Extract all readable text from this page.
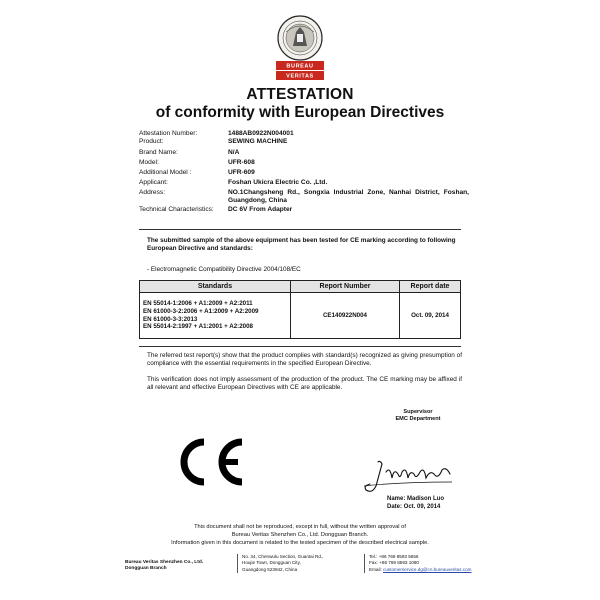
BUREAU
VERITAS
ATTESTATION
of conformity with European Directives
Attestation Number:	1488AB0922N004001
Product:	SEWING MACHINE
Brand Name:	N/A
Model:	UFR-608
Additional Model :	UFR-609
Applicant:	Foshan Ukicra Electric Co. ,Ltd.
Address:	NO.1Changsheng Rd., Songxia Industrial Zone, Nanhai District, Foshan, Guangdong, China
Technical Characteristics:	DC 6V From Adapter
The submitted sample of the above equipment has been tested for CE marking according to following European Directive and standards:
- Electromagnetic Compatibility Directive 2004/108/EC
Standards	Report Number	Report date

EN 55014-1:2006 + A1:2009 + A2:2011
EN 61000-3-2:2006 + A1:2009 + A2:2009
EN 61000-3-3:2013
EN 55014-2:1997 + A1:2001 + A2:2008	CE140922N004	Oct. 09, 2014
The referred test report(s) show that the product complies with standard(s) recognized as giving presumption of compliance with the essential requirements in the specified European Directive.
This verification does not imply assessment of the production of the product. The CE marking may be affixed if all relevant and effective European Directives with CE are applicable.
Supervisor
EMC Department
Name: Madison Luo
Date: Oct. 09, 2014
This document shall not be reproduced, except in full, without the written approval of
Bureau Veritas Shenzhen Co., Ltd. Dongguan Branch.
Information given in this document is related to the tested specimen of the described electrical sample.
Bureau Veritas Shenzhen Co., Ltd.
Dongguan Branch
No. 34, Chenwulu Section, Guantai Rd.,
Houjie Town, Dongguan City,
Guangdong 523942, China
Tel.: +86 769 8593 5656
Fax: +86 769 8593 1080
Email: customerservice.dg@cn.bureauveritas.com
